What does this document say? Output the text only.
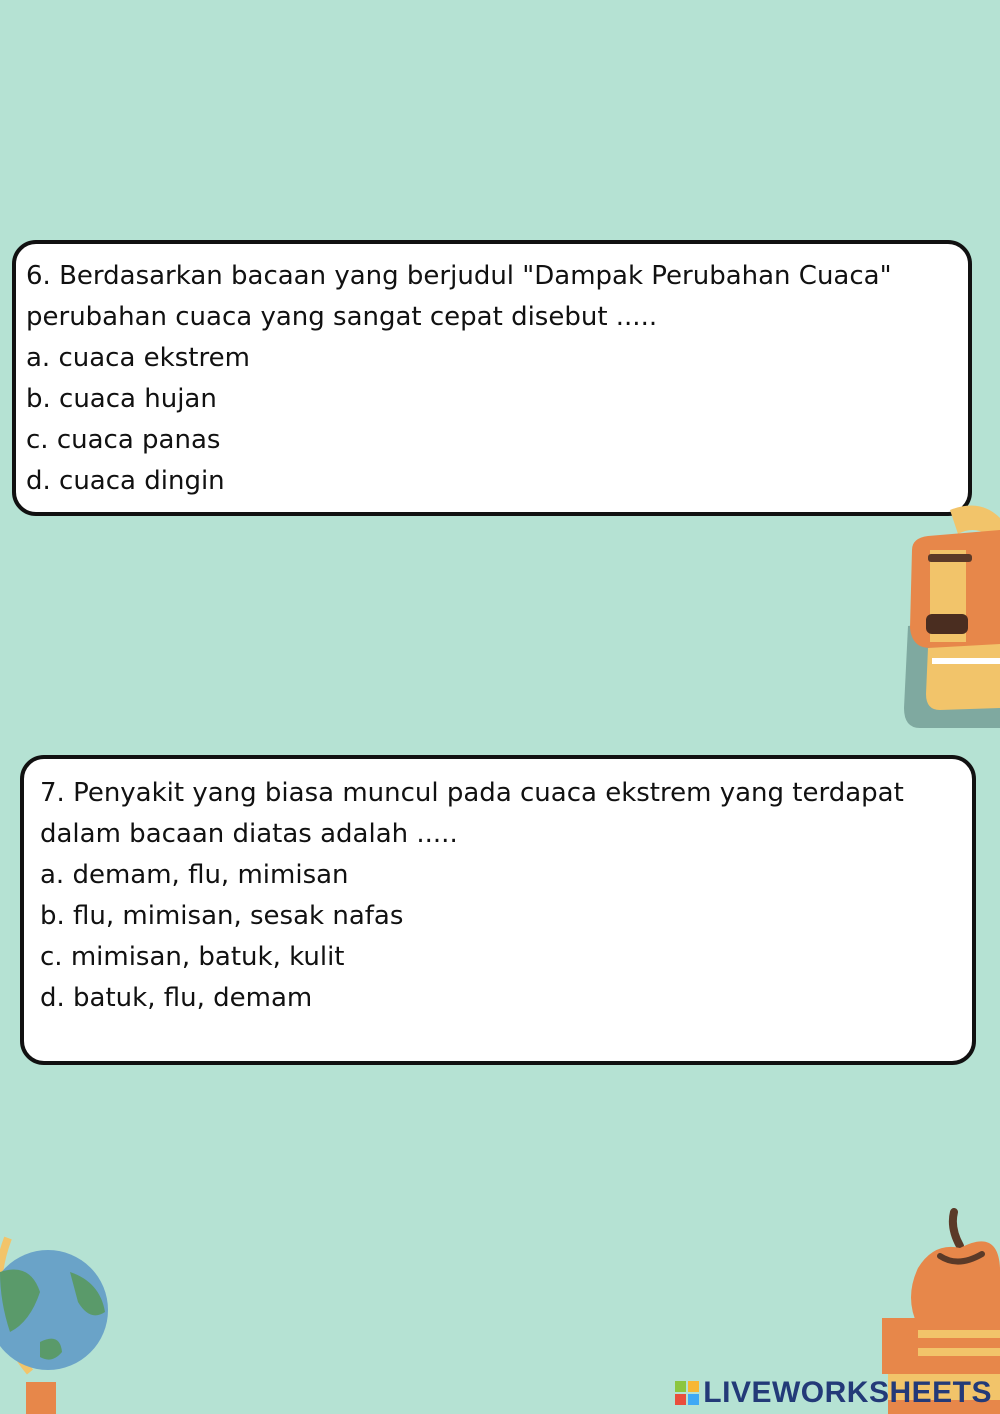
6. Berdasarkan bacaan yang berjudul "Dampak Perubahan Cuaca" perubahan cuaca yang sangat cepat disebut .....

a. cuaca ekstrem

b. cuaca hujan

c. cuaca panas

d. cuaca dingin

7. Penyakit yang biasa muncul pada cuaca ekstrem yang terdapat dalam bacaan diatas adalah .....

a. demam, flu, mimisan

b. flu, mimisan, sesak nafas

c. mimisan, batuk, kulit

d. batuk, flu, demam

LIVEWORKSHEETS
